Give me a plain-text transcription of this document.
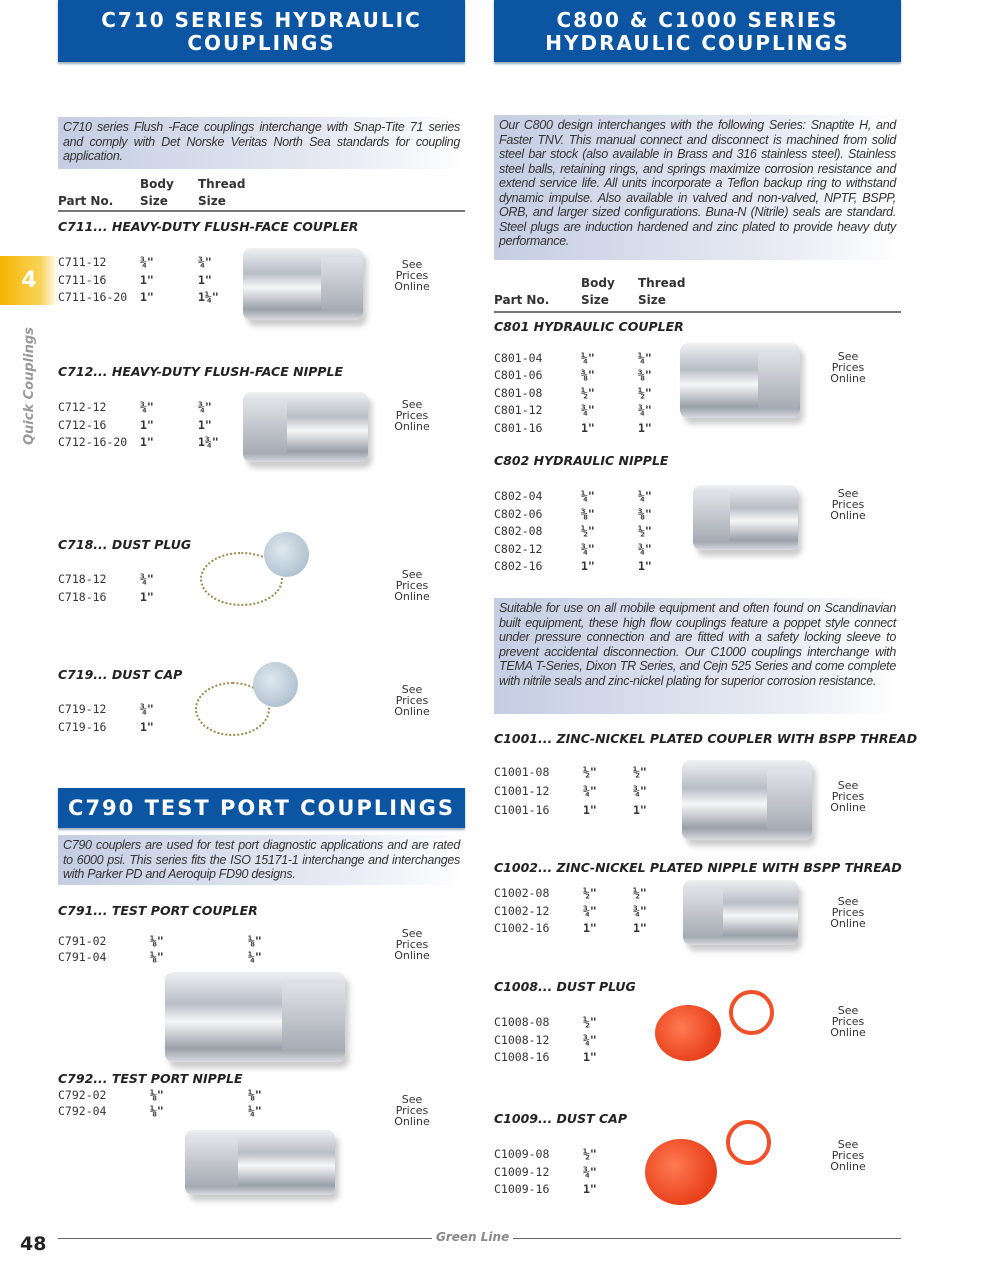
C710 SERIES HYDRAULIC
COUPLINGS
C800 & C1000 SERIES
HYDRAULIC COUPLINGS
C790 TEST PORT COUPLINGS
4
Quick Couplings
C710 series Flush -Face couplings interchange with Snap-Tite 71 series and comply with Det Norske Veritas North Sea standards for coupling application.
Our C800 design interchanges with the following Series: Snaptite H, and Faster TNV. This manual connect and disconnect is machined from solid steel bar stock (also available in Brass and 316 stainless steel). Stainless steel balls, retaining rings, and springs maximize corrosion resistance and extend service life. All units incorporate a Teflon backup ring to withstand dynamic impulse. Also available in valved and non-valved, NPTF, BSPP, ORB, and larger sized configurations. Buna-N (Nitrile) seals are standard. Steel plugs are induction hardened and zinc plated to provide heavy duty performance.
Suitable for use on all mobile equipment and often found on Scandinavian built equipment, these high flow couplings feature a poppet style connect under pressure connection and are fitted with a safety locking sleeve to prevent accidental disconnection. Our C1000 couplings interchange with TEMA T-Series, Dixon TR Series, and Cejn 525 Series and come complete with nitrile seals and zinc-nickel plating for superior corrosion resistance.
C790 couplers are used for test port diagnostic applications and are rated to 6000 psi. This series fits the ISO 15171-1 interchange and interchanges with Parker PD and Aeroquip FD90 designs.
Body Thread
Part No. Size	Size
Body Thread
Part No.	Size Size
C711... HEAVY-DUTY FLUSH-FACE COUPLER
C711-12	¾"	¾"
C711-16	1"	1"
C711-16-20 1"	1¼"
See
Prices
Online
C712... HEAVY-DUTY FLUSH-FACE NIPPLE
C712-12	¾"	¾"
C712-16	1"	1"
C712-16-20 1"	1¾"
See
Prices
Online
C718... DUST PLUG
C718-12	¾"
C718-16	1"
See
Prices
Online
C719... DUST CAP
C719-12	¾"
C719-16	1"
See
Prices
Online
C791... TEST PORT COUPLER
C791-02	⅛"	⅛"
C791-04	⅛"	¼"
See
Prices
Online
C792... TEST PORT NIPPLE
C792-02	⅛"	⅛"
C792-04	⅛"	¼"
See
Prices
Online
C801 HYDRAULIC COUPLER
C801-04	¼"	¼"
C801-06	⅜"	⅜"
C801-08	½"	½"
C801-12	¾"	¾"
C801-16	1"	1"
See
Prices
Online
C802 HYDRAULIC NIPPLE
C802-04	¼"	¼"
C802-06	⅜"	⅜"
C802-08	½"	½"
C802-12	¾"	¾"
C802-16	1"	1"
See
Prices
Online
C1001... ZINC-NICKEL PLATED COUPLER WITH BSPP THREAD
C1001-08	½"	½"
C1001-12	¾"	¾"
C1001-16	1"	1"
See
Prices
Online
C1002... ZINC-NICKEL PLATED NIPPLE WITH BSPP THREAD
C1002-08	½"	½"
C1002-12	¾"	¾"
C1002-16	1"	1"
See
Prices
Online
C1008... DUST PLUG
C1008-08	½"
C1008-12	¾"
C1008-16	1"
See
Prices
Online
C1009... DUST CAP
C1009-08	½"
C1009-12	¾"
C1009-16	1"
See
Prices
Online
48	Green Line
